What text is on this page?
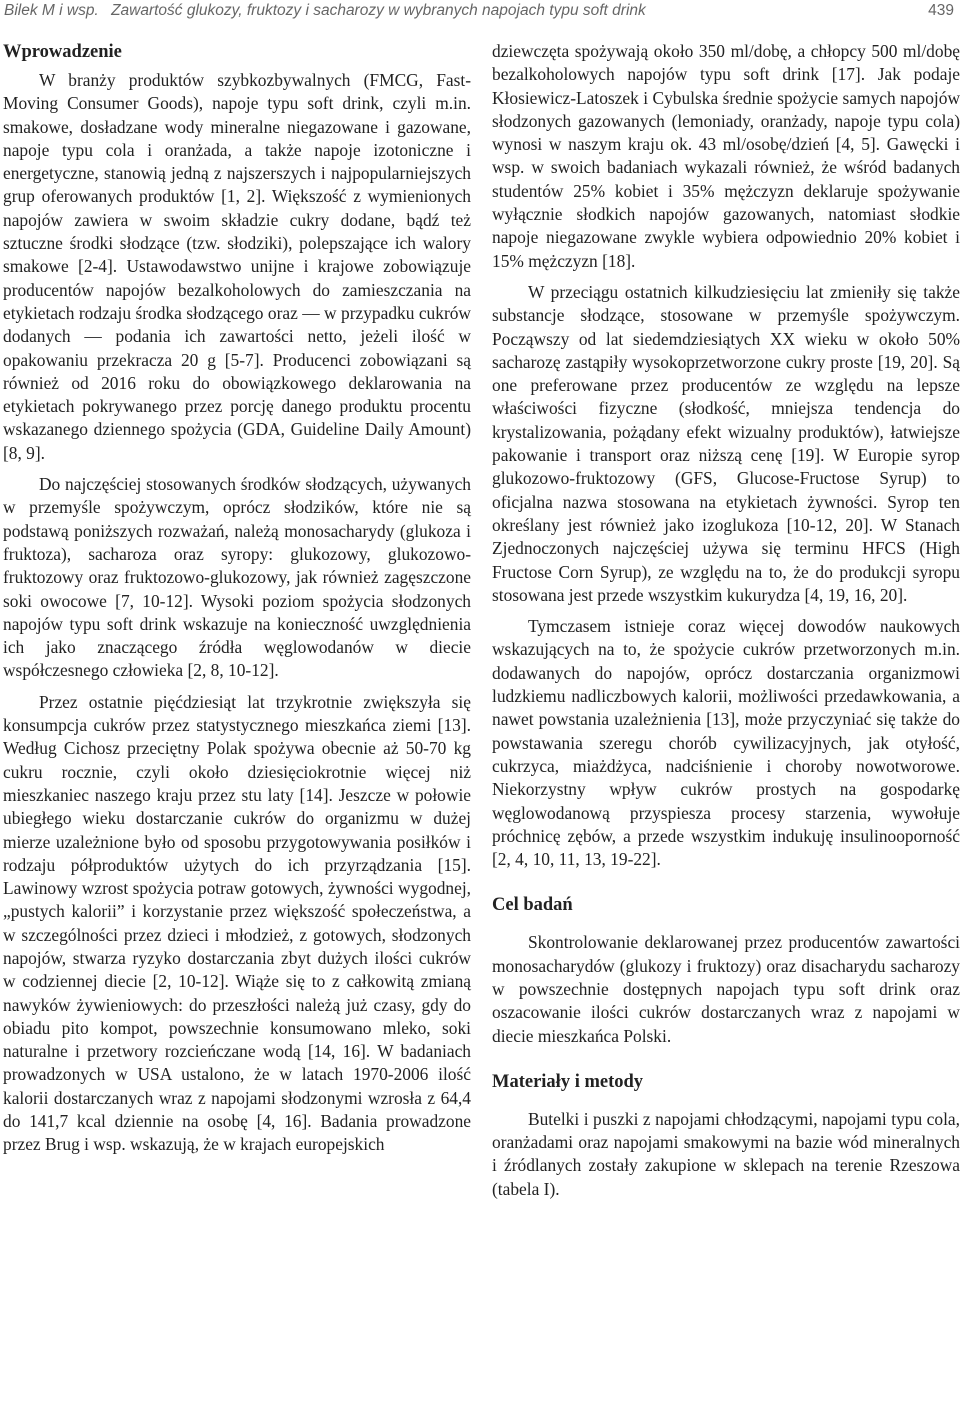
Bilek M i wsp. Zawartość glukozy, fruktozy i sacharozy w wybranych napojach typu soft drink	439
Wprowadzenie

W branży produktów szybkozbywalnych (FMCG, Fast-Moving Consumer Goods), napoje typu soft drink, czyli m.in. smakowe, dosładzane wody mineralne niegazowane i gazowane, napoje typu cola i oranżada, a także napoje izotoniczne i energetyczne, stanowią jedną z najszerszych i najpopularniejszych grup oferowanych produktów [1, 2]. Większość z wymienionych napojów zawiera w swoim składzie cukry dodane, bądź też sztuczne środki słodzące (tzw. słodziki), polepszające ich walory smakowe [2-4]. Ustawodawstwo unijne i krajowe zobowiązuje producentów napojów bezalkoholowych do zamieszczania na etykietach rodzaju środka słodzącego oraz — w przypadku cukrów dodanych — podania ich zawartości netto, jeżeli ilość w opakowaniu przekracza 20 g [5-7]. Producenci zobowiązani są również od 2016 roku do obowiązkowego deklarowania na etykietach pokrywanego przez porcję danego produktu procentu wskazanego dziennego spożycia (GDA, Guideline Daily Amount) [8, 9].

Do najczęściej stosowanych środków słodzących, używanych w przemyśle spożywczym, oprócz słodzików, które nie są podstawą poniższych rozważań, należą monosacharydy (glukoza i fruktoza), sacharoza oraz syropy: glukozowy, glukozowo-fruktozowy oraz fruktozowo-glukozowy, jak również zagęszczone soki owocowe [7, 10-12]. Wysoki poziom spożycia słodzonych napojów typu soft drink wskazuje na konieczność uwzględnienia ich jako znaczącego źródła węglowodanów w diecie współczesnego człowieka [2, 8, 10-12].

Przez ostatnie pięćdziesiąt lat trzykrotnie zwiększyła się konsumpcja cukrów przez statystycznego mieszkańca ziemi [13]. Według Cichosz przeciętny Polak spożywa obecnie aż 50-70 kg cukru rocznie, czyli około dziesięciokrotnie więcej niż mieszkaniec naszego kraju przez stu laty [14]. Jeszcze w połowie ubiegłego wieku dostarczanie cukrów do organizmu w dużej mierze uzależnione było od sposobu przygotowywania posiłków i rodzaju półproduktów użytych do ich przyrządzania [15]. Lawinowy wzrost spożycia potraw gotowych, żywności wygodnej, „pustych kalorii” i korzystanie przez większość społeczeństwa, a w szczególności przez dzieci i młodzież, z gotowych, słodzonych napojów, stwarza ryzyko dostarczania zbyt dużych ilości cukrów w codziennej diecie [2, 10-12]. Wiąże się to z całkowitą zmianą nawyków żywieniowych: do przeszłości należą już czasy, gdy do obiadu pito kompot, powszechnie konsumowano mleko, soki naturalne i przetwory rozcieńczane wodą [14, 16]. W badaniach prowadzonych w USA ustalono, że w latach 1970-2006 ilość kalorii dostarczanych wraz z napojami słodzonymi wzrosła z 64,4 do 141,7 kcal dziennie na osobę [4, 16]. Badania prowadzone przez Brug i wsp. wskazują, że w krajach europejskich

dziewczęta spożywają około 350 ml/dobę, a chłopcy 500 ml/dobę bezalkoholowych napojów typu soft drink [17]. Jak podaje Kłosiewicz-Latoszek i Cybulska średnie spożycie samych napojów słodzonych gazowanych (lemoniady, oranżady, napoje typu cola) wynosi w naszym kraju ok. 43 ml/osobę/dzień [4, 5]. Gawęcki i wsp. w swoich badaniach wykazali również, że wśród badanych studentów 25% kobiet i 35% mężczyzn deklaruje spożywanie wyłącznie słodkich napojów gazowanych, natomiast słodkie napoje niegazowane zwykle wybiera odpowiednio 20% kobiet i 15% mężczyzn [18].

W przeciągu ostatnich kilkudziesięciu lat zmieniły się także substancje słodzące, stosowane w przemyśle spożywczym. Począwszy od lat siedemdziesiątych XX wieku w około 50% sacharozę zastąpiły wysokoprzetworzone cukry proste [19, 20]. Są one preferowane przez producentów ze względu na lepsze właściwości fizyczne (słodkość, mniejsza tendencja do krystalizowania, pożądany efekt wizualny produktów), łatwiejsze pakowanie i transport oraz niższą cenę [19]. W Europie syrop glukozowo-fruktozowy (GFS, Glucose-Fructose Syrup) to oficjalna nazwa stosowana na etykietach żywności. Syrop ten określany jest również jako izoglukoza [10-12, 20]. W Stanach Zjednoczonych najczęściej używa się terminu HFCS (High Fructose Corn Syrup), ze względu na to, że do produkcji syropu stosowana jest przede wszystkim kukurydza [4, 19, 16, 20].

Tymczasem istnieje coraz więcej dowodów naukowych wskazujących na to, że spożycie cukrów przetworzonych m.in. dodawanych do napojów, oprócz dostarczania organizmowi ludzkiemu nadliczbowych kalorii, możliwości przedawkowania, a nawet powstania uzależnienia [13], może przyczyniać się także do powstawania szeregu chorób cywilizacyjnych, jak otyłość, cukrzyca, miażdżyca, nadciśnienie i choroby nowotworowe. Niekorzystny wpływ cukrów prostych na gospodarkę węglowodanową przyspiesza procesy starzenia, wywołuje próchnicę zębów, a przede wszystkim indukuję insulinooporność [2, 4, 10, 11, 13, 19-22].

Cel badań

Skontrolowanie deklarowanej przez producentów zawartości monosacharydów (glukozy i fruktozy) oraz disacharydu sacharozy w powszechnie dostępnych napojach typu soft drink oraz oszacowanie ilości cukrów dostarczanych wraz z napojami w diecie mieszkańca Polski.

Materiały i metody

Butelki i puszki z napojami chłodzącymi, napojami typu cola, oranżadami oraz napojami smakowymi na bazie wód mineralnych i źródlanych zostały zakupione w sklepach na terenie Rzeszowa (tabela I).
